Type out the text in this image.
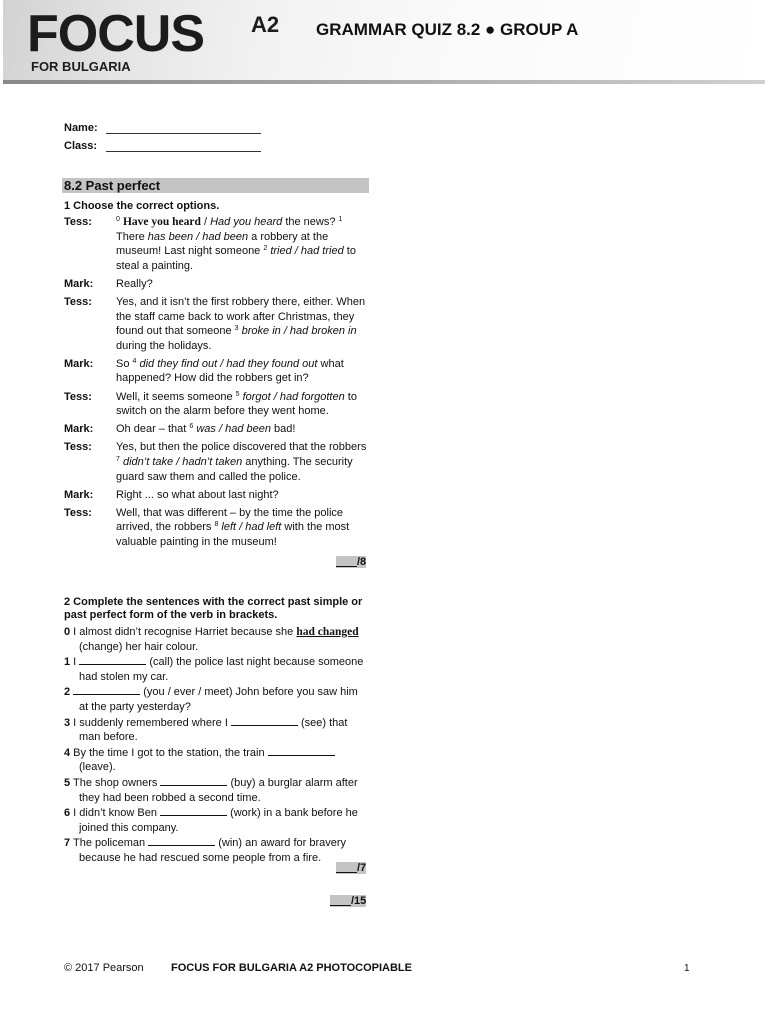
FOCUS A2
FOR BULGARIA
GRAMMAR QUIZ 8.2 ● GROUP A
Name:
Class:
8.2 Past perfect
1 Choose the correct options.
Tess:	$^0$ Have you heard / Had you heard the news? $^1$ There has been / had been a robbery at the museum! Last night someone $^2$ tried / had tried to steal a painting.
Mark:	Really?
Tess:	Yes, and it isn’t the first robbery there, either. When the staff came back to work after Christmas, they found out that someone $^3$ broke in / had broken in during the holidays.
Mark:	So $^4$ did they find out / had they found out what happened? How did the robbers get in?
Tess:	Well, it seems someone $^5$ forgot / had forgotten to switch on the alarm before they went home.
Mark:	Oh dear – that $^6$ was / had been bad!
Tess:	Yes, but then the police discovered that the robbers $^7$ didn’t take / hadn’t taken anything. The security guard saw them and called the police.
Mark:	Right ... so what about last night?
Tess:	Well, that was different – by the time the police arrived, the robbers $^8$ left / had left with the most valuable painting in the museum!
/8
2 Complete the sentences with the correct past simple or past perfect form of the verb in brackets.
0 I almost didn’t recognise Harriet because she had changed (change) her hair colour.
1 I	(call) the police last night because someone had stolen my car.
2	(you / ever / meet) John before you saw him at the party yesterday?
3 I suddenly remembered where I	(see) that man before.
4 By the time I got to the station, the train  (leave).
5 The shop owners	(buy) a burglar alarm after they had been robbed a second time.
6 I didn’t know Ben	(work) in a bank before he joined this company.
7 The policeman	(win) an award for bravery because he had rescued some people from a fire.
/7
/15
© 2017 Pearson FOCUS FOR BULGARIA A2 PHOTOCOPIABLE	1
